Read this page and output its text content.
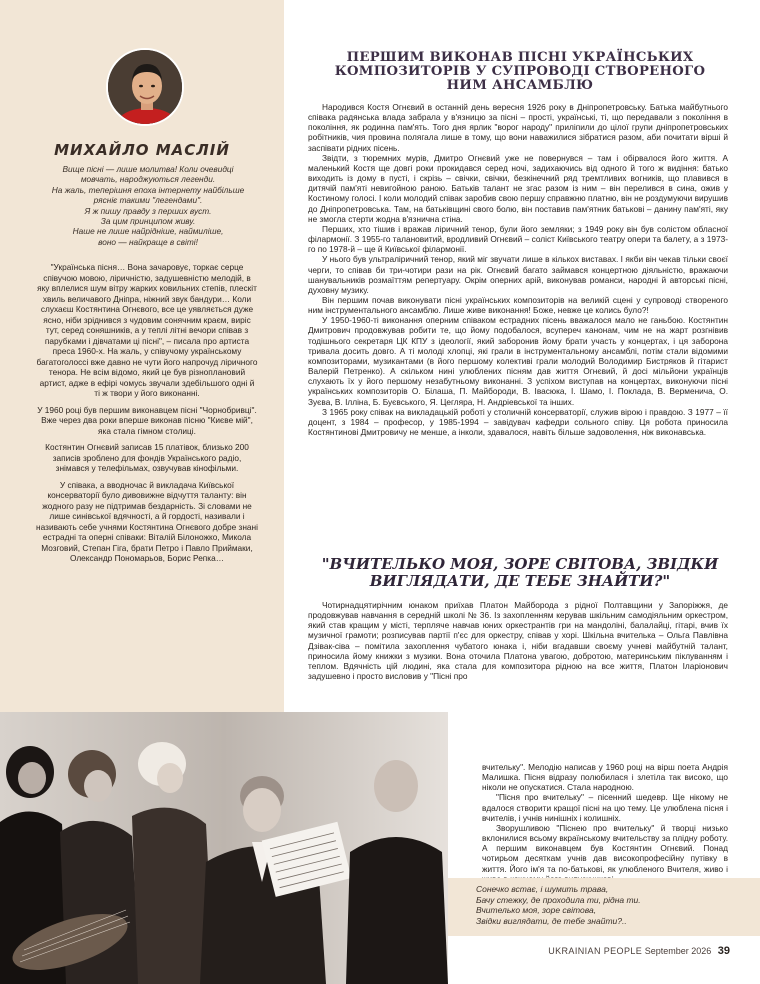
МИХАЙЛО МАСЛІЙ
Вище пісні — лише молитва! Коли очевидці
мовчать, народжуються легенди.
На жаль, теперішня епоха інтернету найбільше
рясніє такими "легендами".
Я ж пишу правду з перших вуст.
За цим принципом живу.
Наше не лише найрідніше, наймиліше,
воно — найкраще в світі!

"Українська пісня… Вона зачаровує, торкає серце співучою мовою, ліричністю, задушевністю мелодій, в яку вплелися шум вітру жарких ковильних степів, плескіт хвиль величавого Дніпра, ніжний звук бандури… Коли слухаєш Костянтина Огнєвого, все це уявляється дуже ясно, ніби зріднився з чудовим сонячним краєм, виріс тут, серед соняшників, а у теплі літні вечори співав з парубками і дівчатами ці пісні", – писала про артиста преса 1960-х. На жаль, у співучому українському багатоголоссі вже давно не чути його напрочуд ліричного тенора. Не всім відомо, який це був різноплановий артист, адже в ефірі чомусь звучали здебільшого одні й ті ж твори у його виконанні.

У 1960 році був першим виконавцем пісні "Чорнобривці". Вже через два роки вперше виконав пісню "Києве мій", яка стала гімном столиці.

Костянтин Огнєвий записав 15 платівок, близько 200 записів зроблено для фондів Українського радіо, знімався у телефільмах, озвучував кінофільми.

У співака, а вводночас й викладача Київської консерваторії було дивовижне відчуття таланту: він жодного разу не підтримав бездарність. Зі словами не лише синівської вдячності, а й гордості, називали і називають себе учнями Костянтина Огнєвого добре знані естрадні та оперні співаки: Віталій Білоножко, Микола Мозговий, Степан Гіга, брати Петро і Павло Приймаки, Олександр Пономарьов, Борис Репка…

ПЕРШИМ ВИКОНАВ ПІСНІ УКРАЇНСЬКИХ КОМПОЗИТОРІВ У СУПРОВОДІ СТВОРЕНОГО НИМ АНСАМБЛЮ

Народився Костя Огнєвий в останній день вересня 1926 року в Дніпропетровську. Батька майбутнього співака радянська влада забрала у в'язницю за пісні – прості, українські, ті, що передавали з покоління в покоління, як родинна пам'ять. Того дня ярлик "ворог народу" приліпили до цілої групи дніпропетровських робітників, чия провина полягала лише в тому, що вони наважилися зібратися разом, аби почитати вірші й заспівати рідних пісень.

Звідти, з тюремних мурів, Дмитро Огнєвий уже не повернувся – там і обірвалося його життя. А маленький Костя ще довгі роки прокидався серед ночі, задихаючись від одного й того ж видіння: батько виходить із дому в пусті, і скрізь – свічки, свічки, безкінечний ряд тремтливих вогників, що плавився в дитячій пам'яті невигойною раною. Батьків талант не згас разом із ним – він перелився в сина, ожив у Костиному голосі. І коли молодий співак заробив свою першу справжню платню, він не роздумуючи вирушив до Дніпропетровська. Там, на батьківщині свого болю, він поставив пам'ятник батькові – данину пам'яті, яку не змогла стерти жодна в'язнична стіна.

Перших, хто тішив і вражав ліричний тенор, були його земляки; з 1949 року він був солістом обласної філармонії. З 1955-го талановитий, вродливий Огнєвий – соліст Київського театру опери та балету, а з 1973-го по 1978-й – ще й Київської філармонії.

У нього був ультраліричний тенор, який міг звучати лише в кількох виставах. І якби він чекав тільки своєї черги, то співав би три-чотири рази на рік. Огнєвий багато займався концертною діяльністю, вражаючи шанувальників розмаїттям репертуару. Окрім оперних арій, виконував романси, народні й авторські пісні, духовну музику.

Він першим почав виконувати пісні українських композиторів на великій сцені у супроводі створеного ним інструментального ансамблю. Лише живе виконання! Боже, невже це колись було?!

У 1950-1960-ті виконання оперним співаком естрадних пісень вважалося мало не ганьбою. Костянтин Дмитрович продовжував робити те, що йому подобалося, всупереч канонам, чим не на жарт розгнівив тодішнього секретаря ЦК КПУ з ідеології, який заборонив йому брати участь у концертах, і ця заборона тривала досить довго. А ті молоді хлопці, які грали в інструментальному ансамблі, потім стали відомими композиторами, музикантами (в його першому колективі грали молодий Володимир Бистряков й гітарист Валерій Петренко). А скільком нині улюблених пісням дав життя Огнєвий, й досі мільйони українців слухають їх у його першому незабутньому виконанні. З успіхом виступав на концертах, виконуючи пісні українських композиторів О. Білаша, П. Майбороди, В. Івасюка, І. Шамо, І. Покладa, В. Верменича, О. Зуєва, В. Ілліна, Б. Буєвського, Я. Цегляра, Н. Андріевської та інших.

З 1965 року співак на викладацькій роботі у столичній консерваторії, служив вірою і правдою. З 1977 – її доцент, з 1984 – професор, у 1985-1994 – завідувач кафедри сольного співу. Ця робота приносила Костянтинові Дмитровичу не менше, а інколи, здавалося, навіть більше задоволення, ніж виконавська.

"ВЧИТЕЛЬКО МОЯ, ЗОРЕ СВІТОВА, ЗВІДКИ ВИГЛЯДАТИ, ДЕ ТЕБЕ ЗНАЙТИ?"

Чотирнадцятирічним юнаком приїхав Платон Майборода з рідної Полтавщини у Запоріжжя, де продовжував навчання в середній школі № 36. Із захопленням керував шкільним самодіяльним оркестром, який став кращим у місті, терпляче навчав юних оркестрантів гри на мандоліні, балалайці, гітарі, вчив їх музичної грамоти; розписував партії п'єс для оркестру, співав у хорі. Шкільна вчителька – Ольга Павлівна Дзівак-сіва – помітила захоплення чубатого юнака і, ніби вгадавши своєму учневі майбутній талант, приносила йому книжки з музики. Вона оточила Платона увагою, добротою, материнським піклуванням і теплом. Вдячність цій людині, яка стала для композитора рідною на все життя, Платон Іларіонович задушевно і просто висловив у "Пісні про

вчительку". Мелодію написав у 1960 році на вірш поета Андрія Малишка. Пісня відразу полюбилася і злетіла так високо, що ніколи не опускатися. Стала народною.

"Пісня про вчительку" – пісенний шедевр. Ще нікому не вдалося створити кращої пісні на цю тему. Це улюблена пісня і вчителів, і учнів нинішніх і колишніх.

Зворушливою "Піснею про вчительку" й творці низько вклонилися всьому вкраїнському вчительству за плідну роботу. А першим виконавцем був Костянтин Огнєвий. Понад чотирьом десяткам учнів дав високопрофесійну путівку в життя. Його ім'я та по-батькові, як улюбленого Вчителя, живо і

Сонечко встає, і шумить трава,
Бачу стежку, де проходила ти, рідна ти.
Вчителько моя, зоре світова,
Звідки виглядати, де тебе знайти?..
UKRAINIAN PEOPLE September 2026 39
